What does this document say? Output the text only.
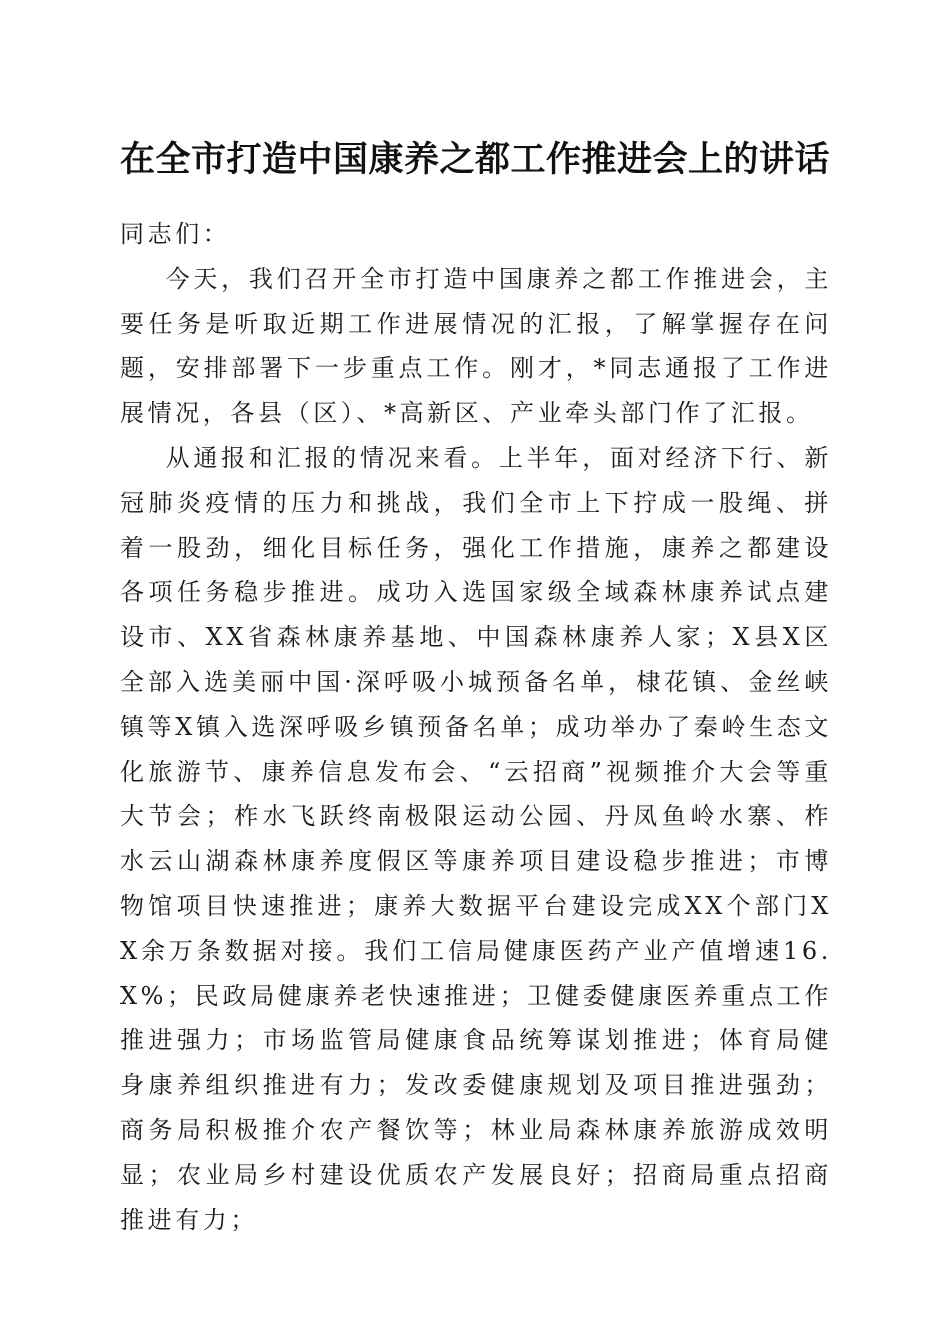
在全市打造中国康养之都工作推进会上的讲话

同志们：

今天，我们召开全市打造中国康养之都工作推进会，主要任务是听取近期工作进展情况的汇报，了解掌握存在问题，安排部署下一步重点工作。刚才，*同志通报了工作进展情况，各县（区）、*高新区、产业牵头部门作了汇报。

从通报和汇报的情况来看。上半年，面对经济下行、新冠肺炎疫情的压力和挑战，我们全市上下拧成一股绳、拼着一股劲，细化目标任务，强化工作措施，康养之都建设各项任务稳步推进。成功入选国家级全域森林康养试点建设市、XX省森林康养基地、中国森林康养人家；X县X区全部入选美丽中国·深呼吸小城预备名单，棣花镇、金丝峡镇等X镇入选深呼吸乡镇预备名单；成功举办了秦岭生态文化旅游节、康养信息发布会、“云招商”视频推介大会等重大节会；柞水飞跃终南极限运动公园、丹凤鱼岭水寨、柞水云山湖森林康养度假区等康养项目建设稳步推进；市博物馆项目快速推进；康养大数据平台建设完成XX个部门XX余万条数据对接。我们工信局健康医药产业产值增速16.X%；民政局健康养老快速推进；卫健委健康医养重点工作推进强力；市场监管局健康食品统筹谋划推进；体育局健身康养组织推进有力；发改委健康规划及项目推进强劲；商务局积极推介农产餐饮等；林业局森林康养旅游成效明显；农业局乡村建设优质农产发展良好；招商局重点招商推进有力；
